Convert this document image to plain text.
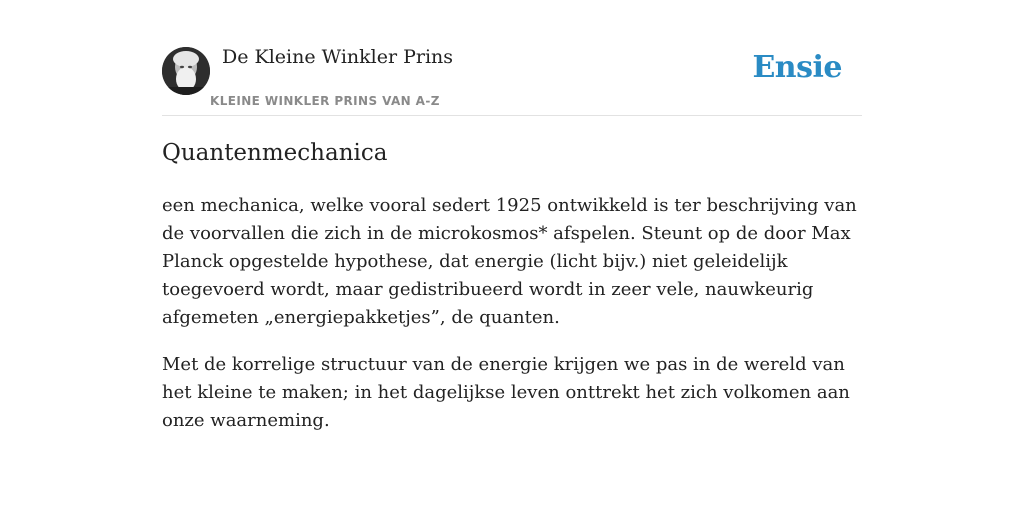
De Kleine Winkler Prins
KLEINE WINKLER PRINS VAN A-Z
Ensie
Quantenmechanica

een mechanica, welke vooral sedert 1925 ontwikkeld is ter beschrijving van de voorvallen die zich in de microkosmos* afspelen. Steunt op de door Max Planck opgestelde hypothese, dat energie (licht bijv.) niet geleidelijk toegevoerd wordt, maar gedistribueerd wordt in zeer vele, nauwkeurig afgemeten „energiepakketjes”, de quanten.

Met de korrelige structuur van de energie krijgen we pas in de wereld van het kleine te maken; in het dagelijkse leven onttrekt het zich volkomen aan onze waarneming.
